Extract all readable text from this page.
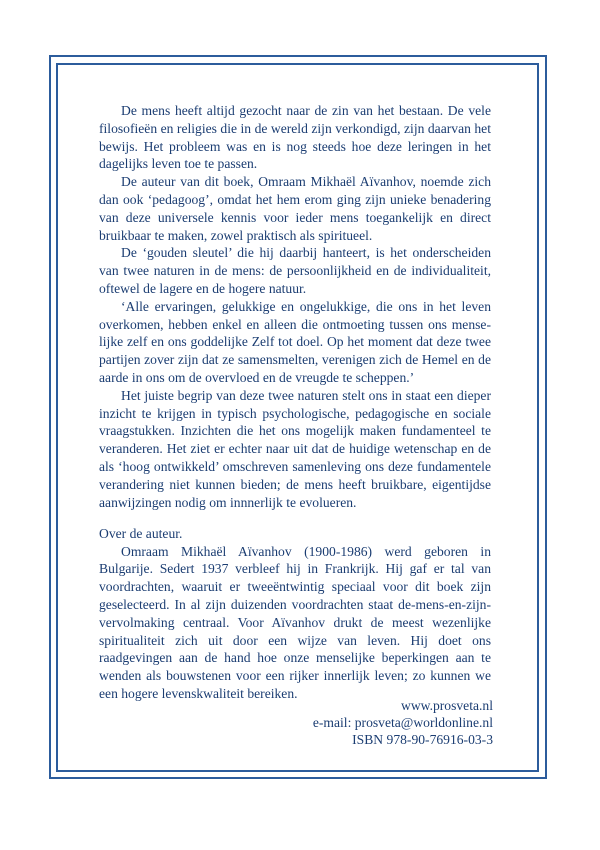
De mens heeft altijd gezocht naar de zin van het bestaan. De vele filosofieën en religies die in de wereld zijn verkondigd, zijn daarvan het bewijs. Het probleem was en is nog steeds hoe deze leringen in het dagelijks leven toe te passen.

De auteur van dit boek, Omraam Mikhaël Aïvanhov, noemde zich dan ook ‘pedagoog’, omdat het hem erom ging zijn unieke benadering van deze universele kennis voor ieder mens toegankelijk en direct bruikbaar te maken, zowel praktisch als spiritueel.

De ‘gouden sleutel’ die hij daarbij hanteert, is het onderscheiden van twee naturen in de mens: de persoonlijkheid en de individualiteit, oftewel de lagere en de hogere natuur.

‘Alle ervaringen, gelukkige en ongelukkige, die ons in het leven overkomen, hebben enkel en alleen die ontmoeting tussen ons menselijke zelf en ons goddelijke Zelf tot doel. Op het moment dat deze twee partijen zover zijn dat ze samensmelten, verenigen zich de Hemel en de aarde in ons om de overvloed en de vreugde te scheppen.’

Het juiste begrip van deze twee naturen stelt ons in staat een dieper inzicht te krijgen in typisch psychologische, pedagogische en sociale vraagstukken. Inzichten die het ons mogelijk maken fundamenteel te veranderen. Het ziet er echter naar uit dat de huidige wetenschap en de als ‘hoog ontwikkeld’ omschreven samenleving ons deze fundamentele verandering niet kunnen bieden; de mens heeft bruikbare, eigentijdse aanwijzingen nodig om innnerlijk te evolueren.

Over de auteur.

Omraam Mikhaël Aïvanhov (1900-1986) werd geboren in Bulgarije. Sedert 1937 verbleef hij in Frankrijk. Hij gaf er tal van voordrachten, waaruit er tweeëntwintig speciaal voor dit boek zijn geselecteerd. In al zijn duizenden voordrachten staat de-mens-en-zijn-vervolmaking centraal. Voor Aïvanhov drukt de meest wezenlijke spiritualiteit zich uit door een wijze van leven. Hij doet ons raadgevingen aan de hand hoe onze menselijke beperkingen aan te wenden als bouwstenen voor een rijker innerlijk leven; zo kunnen we een hogere levenskwaliteit bereiken.

www.prosveta.nl
e-mail: prosveta@worldonline.nl
ISBN 978-90-76916-03-3
